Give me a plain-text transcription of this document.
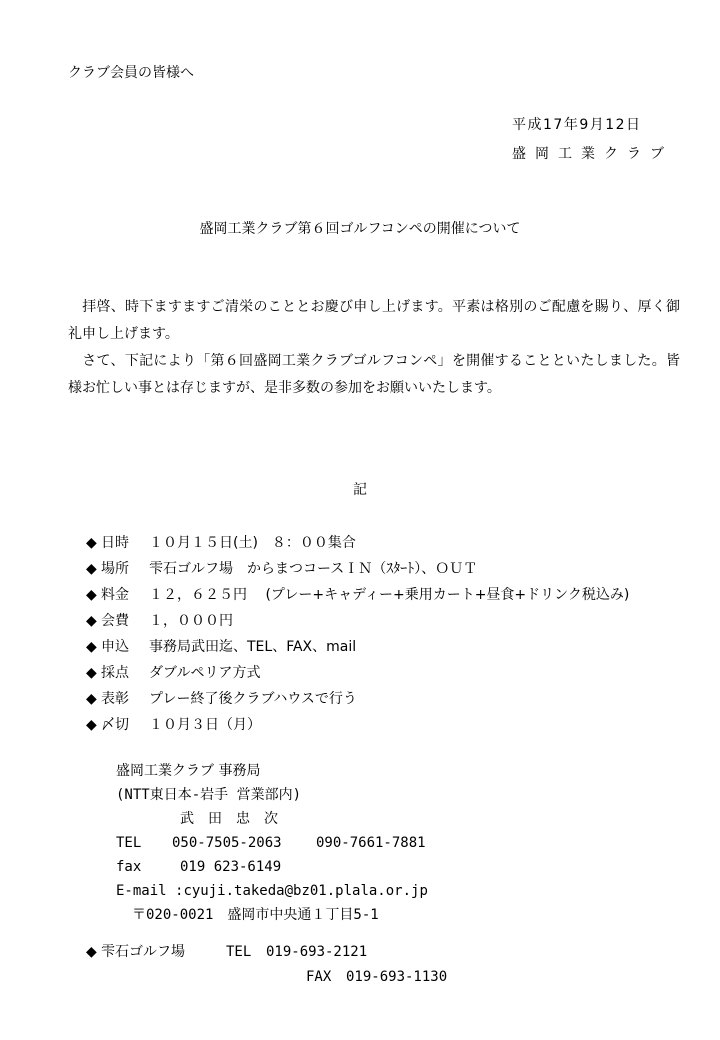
クラブ会員の皆様へ
平成17年9月12日
盛岡工業クラブ
盛岡工業クラブ第６回ゴルフコンペの開催について

　拝啓、時下ますますご清栄のこととお慶び申し上げます。平素は格別のご配慮を賜り、厚く御礼申し上げます。

　さて、下記により「第６回盛岡工業クラブゴルフコンペ」を開催することといたしました。皆様お忙しい事とは存じますが、是非多数の参加をお願いいたします。

記
◆ 日時 １０月１５日(土)　８：００集合
◆ 場所 雫石ゴルフ場　からまつコースＩＮ（ｽﾀｰﾄ）、ＯＵＴ
◆ 料金 １２，６２５円　 (プレー+キャディー+乗用カート+昼食+ドリンク税込み)
◆ 会費 １，０００円
◆ 申込 事務局武田迄、TEL、FAX、mail
◆ 採点 ダブルペリア方式
◆ 表彰 プレー終了後クラブハウスで行う
◆ 〆切 １０月３日（月）
盛岡工業クラブ 事務局
(NTT東日本-岩手 営業部内)
武　田　忠　次
TEL 050-7505-2063 090-7661-7881
fax	019 623-6149
E-mail :cyuji.takeda@bz01.plala.or.jp
〒020-0021　盛岡市中央通１丁目5-1
◆ 雫石ゴルフ場	TEL 019-693-2121
FAX 019-693-1130
